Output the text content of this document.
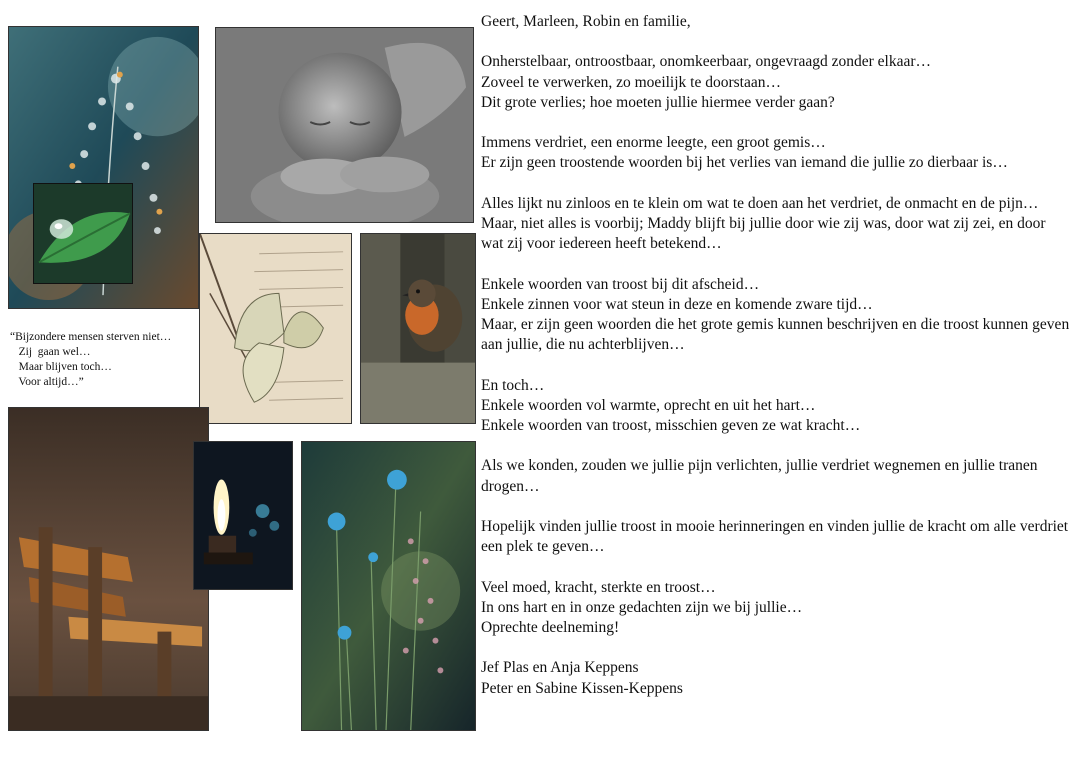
“Bijzondere mensen sterven niet…
Zij  gaan wel…
Maar blijven toch…
Voor altijd…”

Geert, Marleen, Robin en familie,

Onherstelbaar, ontroostbaar, onomkeerbaar, ongevraagd zonder elkaar…
Zoveel te verwerken, zo moeilijk te doorstaan…
Dit grote verlies; hoe moeten jullie hiermee verder gaan?

Immens verdriet, een enorme leegte, een groot gemis…
Er zijn geen troostende woorden bij het verlies van iemand die jullie zo dierbaar is…

Alles lijkt nu zinloos en te klein om wat te doen aan het verdriet, de onmacht en de pijn…
Maar, niet alles is voorbij; Maddy blijft bij jullie door wie zij was, door wat zij zei, en door wat zij voor iedereen heeft betekend…

Enkele woorden van troost bij dit afscheid…
Enkele zinnen voor wat steun in deze en komende zware tijd…
Maar, er zijn geen woorden die het grote gemis kunnen beschrijven en die troost kunnen geven aan jullie, die nu achterblijven…

En toch…
Enkele woorden vol warmte, oprecht en uit het hart…
Enkele woorden van troost, misschien geven ze wat kracht…

Als we konden, zouden we jullie pijn verlichten, jullie verdriet wegnemen en jullie tranen drogen…

Hopelijk vinden jullie troost in mooie herinneringen en vinden jullie de kracht om alle verdriet een plek te geven…

Veel moed, kracht, sterkte en troost…
In ons hart en in onze gedachten zijn we bij jullie…
Oprechte deelneming!

Jef Plas en Anja Keppens
Peter en Sabine Kissen-Keppens
